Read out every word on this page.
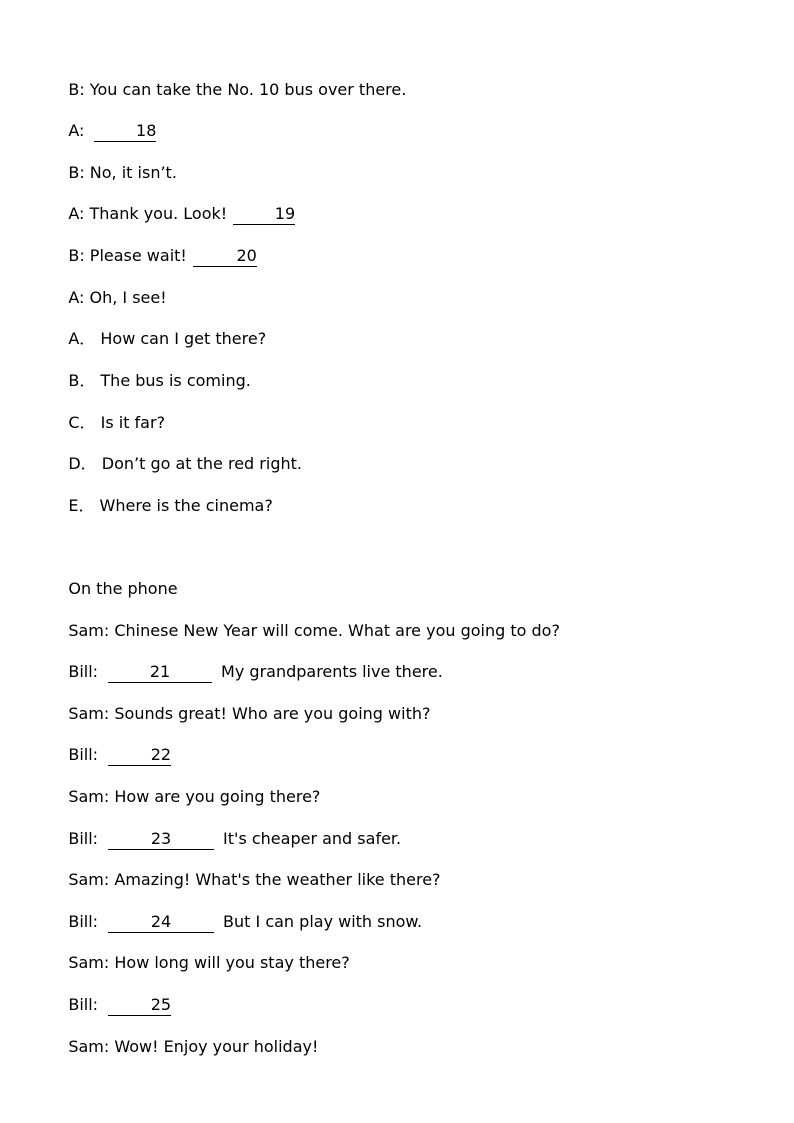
B: You can take the No. 10 bus over there.

A:	18

B: No, it isn’t.

A: Thank you. Look!	19

B: Please wait!	20

A: Oh, I see!

A． How can I get there?

B． The bus is coming.

C． Is it far?

D． Don’t go at the red right.

E． Where is the cinema?

On the phone

Sam: Chinese New Year will come. What are you going to do?

Bill:	21	My grandparents live there.

Sam: Sounds great! Who are you going with?

Bill:	22

Sam: How are you going there?

Bill:	23	It's cheaper and safer.

Sam: Amazing! What's the weather like there?

Bill:	24	But I can play with snow.

Sam: How long will you stay there?

Bill:	25

Sam: Wow! Enjoy your holiday!
